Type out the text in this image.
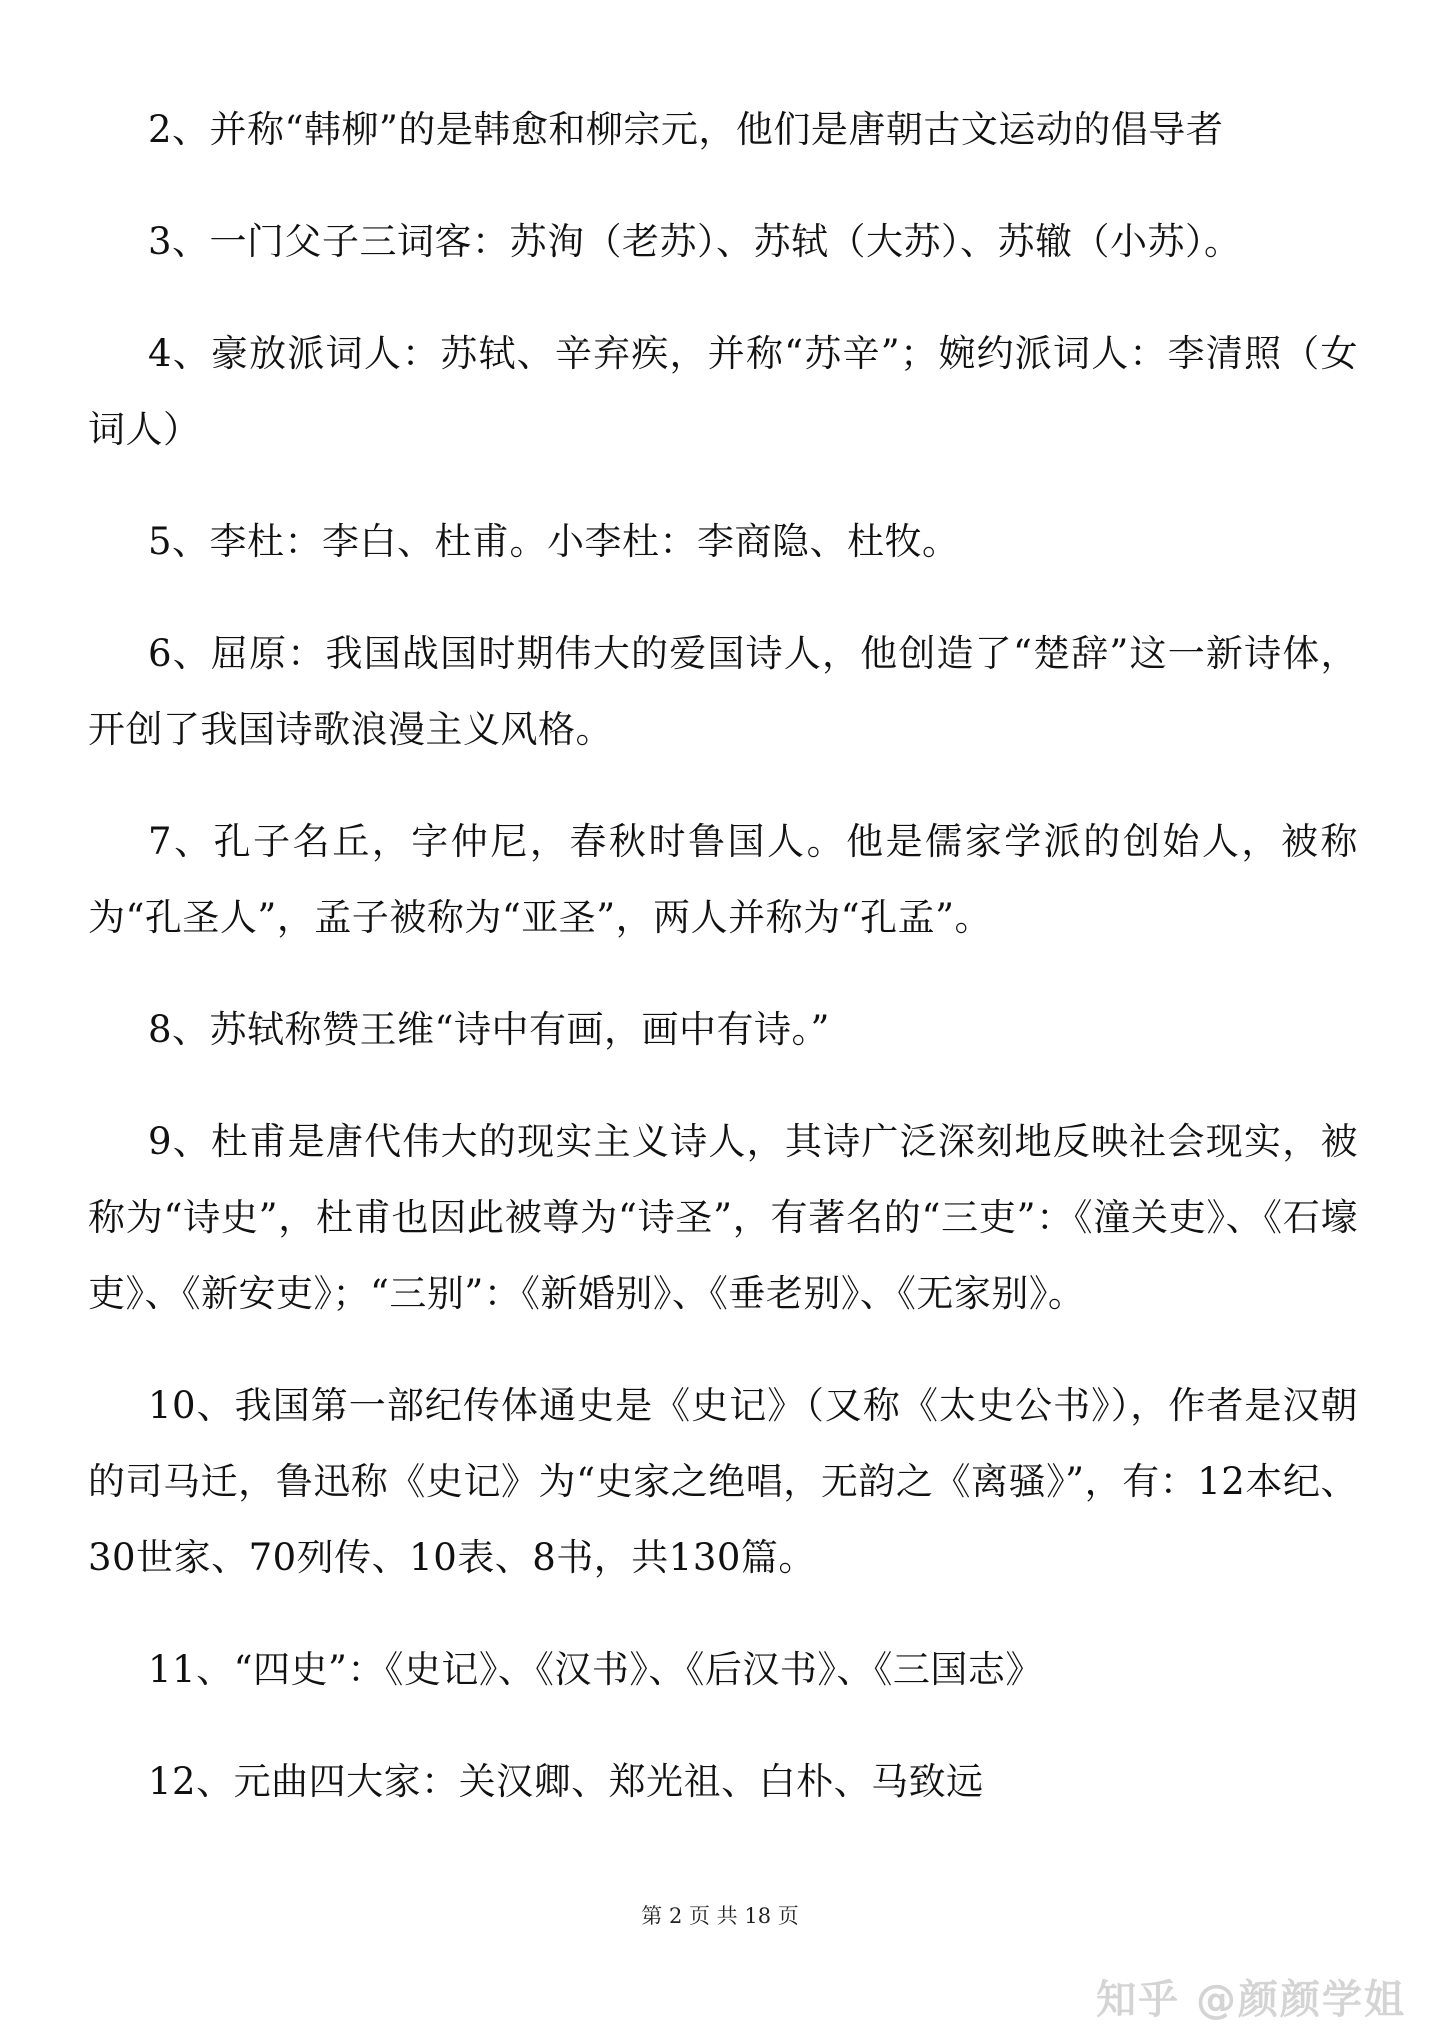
2、并称“韩柳”的是韩愈和柳宗元，他们是唐朝古文运动的倡导者

3、一门父子三词客：苏洵（老苏）、苏轼（大苏）、苏辙（小苏）。

4、豪放派词人：苏轼、辛弃疾，并称“苏辛”；婉约派词人：李清照（女词人）

5、李杜：李白、杜甫。小李杜：李商隐、杜牧。

6、屈原：我国战国时期伟大的爱国诗人，他创造了“楚辞”这一新诗体，开创了我国诗歌浪漫主义风格。

7、孔子名丘，字仲尼，春秋时鲁国人。他是儒家学派的创始人，被称为“孔圣人”，孟子被称为“亚圣”，两人并称为“孔孟”。

8、苏轼称赞王维“诗中有画，画中有诗。”

9、杜甫是唐代伟大的现实主义诗人，其诗广泛深刻地反映社会现实，被称为“诗史”，杜甫也因此被尊为“诗圣”，有著名的“三吏”：《潼关吏》、《石壕吏》、《新安吏》；“三别”：《新婚别》、《垂老别》、《无家别》。

10、我国第一部纪传体通史是《史记》（又称《太史公书》），作者是汉朝的司马迁，鲁迅称《史记》为“史家之绝唱，无韵之《离骚》”，有：12本纪、30世家、70列传、10表、8书，共130篇。

11、“四史”：《史记》、《汉书》、《后汉书》、《三国志》

12、元曲四大家：关汉卿、郑光祖、白朴、马致远

第 2 页 共 18 页
知乎 @颜颜学姐
